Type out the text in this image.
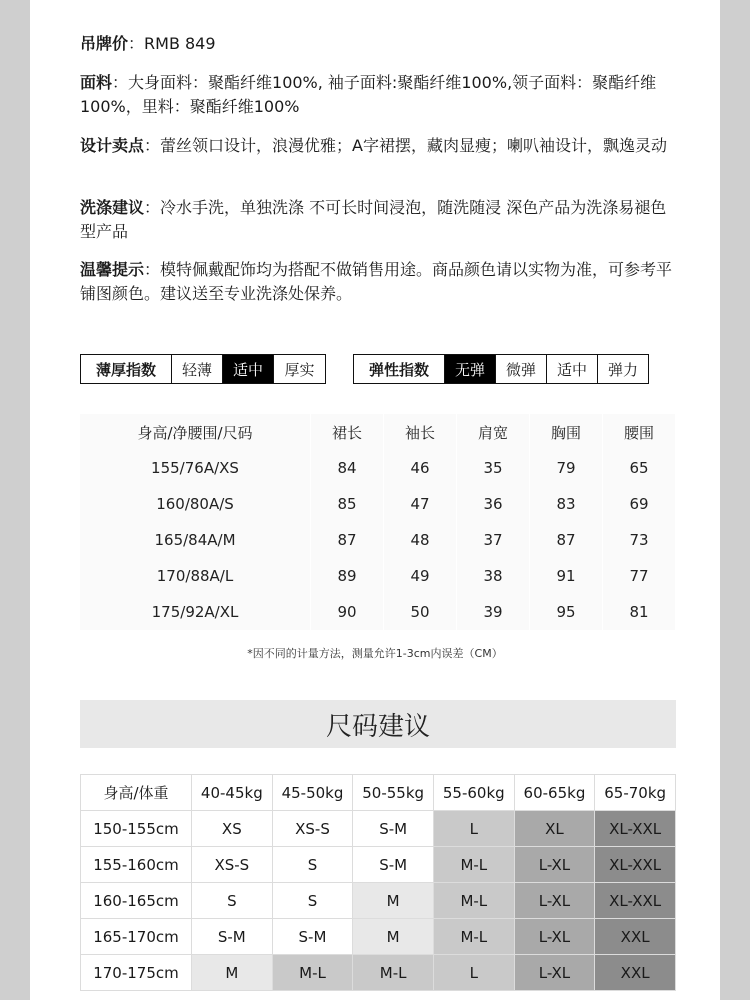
吊牌价：RMB 849
面料：大身面料：聚酯纤维100%, 袖子面料:聚酯纤维100%,领子面料：聚酯纤维100%，里料：聚酯纤维100%
设计卖点：蕾丝领口设计，浪漫优雅；A字裙摆，藏肉显瘦；喇叭袖设计，飘逸灵动
洗涤建议：冷水手洗，单独洗涤 不可长时间浸泡，随洗随浸 深色产品为洗涤易褪色型产品
温馨提示：模特佩戴配饰均为搭配不做销售用途。商品颜色请以实物为准，可参考平铺图颜色。建议送至专业洗涤处保养。
薄厚指数	轻薄	适中	厚实	弹性指数	无弹	微弹	适中	弹力
身高/净腰围/尺码	裙长	袖长	肩宽	胸围	腰围
155/76A/XS	84	46	35	79	65
160/80A/S	85	47	36	83	69
165/84A/M	87	48	37	87	73
170/88A/L	89	49	38	91	77
175/92A/XL	90	50	39	95	81
*因不同的计量方法，测量允许1-3cm内误差（CM）
尺码建议
身高/体重	40-45kg	45-50kg	50-55kg	55-60kg	60-65kg	65-70kg
150-155cm	XS	XS-S	S-M	L	XL	XL-XXL
155-160cm	XS-S	S	S-M	M-L	L-XL	XL-XXL
160-165cm	S	S	M	M-L	L-XL	XL-XXL
165-170cm	S-M	S-M	M	M-L	L-XL	XXL
170-175cm	M	M-L	M-L	L	L-XL	XXL
